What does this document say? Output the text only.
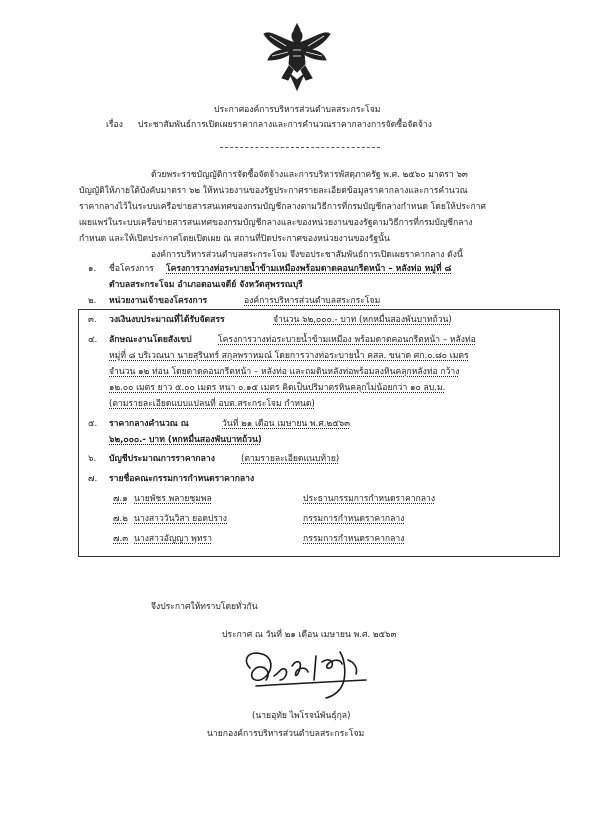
ประกาศองค์การบริหารส่วนตำบลสระกระโจม
เรื่อง ประชาสัมพันธ์การเปิดเผยราคากลางและการคำนวณราคากลางการจัดซื้อจัดจ้าง
ด้วยพระราชบัญญัติการจัดซื้อจัดจ้างและการบริหารพัสดุภาครัฐ พ.ศ. ๒๕๖๐ มาตรา ๖๓
บัญญัติให้ภายใต้บังคับมาตรา ๖๒ ให้หน่วยงานของรัฐประกาศรายละเอียดข้อมูลราคากลางและการคำนวณ
ราคากลางไว้ในระบบเครือข่ายสารสนเทศของกรมบัญชีกลางตามวิธีการที่กรมบัญชีกลางกำหนด โดยให้ประกาศ
เผยแพร่ในระบบเครือข่ายสารสนเทศของกรมบัญชีกลางและของหน่วยงานของรัฐตามวิธีการที่กรมบัญชีกลาง
กำหนด และให้เปิดประกาศโดยเปิดเผย ณ สถานที่ปิดประกาศของหน่วยงานของรัฐนั้น
องค์การบริหารส่วนตำบลสระกระโจม จึงขอประชาสัมพันธ์การเปิดเผยราคากลาง ดังนี้
๑. ชื่อโครงการ โครงการวางท่อระบายน้ำข้ามเหมืองพร้อมดาดคอนกรีตหน้า – หลังท่อ หมู่ที่ ๘
ตำบลสระกระโจม อำเภอดอนเจดีย์ จังหวัดสุพรรณบุรี
๒. หน่วยงานเจ้าของโครงการ	องค์การบริหารส่วนตำบลสระกระโจม
๓. วงเงินงบประมาณที่ได้รับจัดสรร	จำนวน ๖๒,๐๐๐.- บาท (หกหมื่นสองพันบาทถ้วน)
๔. ลักษณะงานโดยสังเขป	โครงการวางท่อระบายน้ำข้ามเหมือง พร้อมดาดคอนกรีตหน้า – หลังท่อ
หมู่ที่ ๘ บริเวณนา นายสุรินทร์ สกุลพราหมณ์ โดยการวางท่อระบายน้ำ คสล. ขนาด ศก.๐.๘๐ เมตร
จำนวน ๑๒ ท่อน โดยดาดคอนกรีตหน้า – หลังท่อ และถมดินหลังท่อพร้อมลงหินคลุกหลังท่อ กว้าง
๑๒.๐๐ เมตร ยาว ๕.๐๐ เมตร หนา ๐.๑๕ เมตร คิดเป็นปริมาตรหินคลุกไม่น้อยกว่า ๑๐ ลบ.ม.
(ตามรายละเอียดแบบแปลนที่ อบต.สระกระโจม กำหนด)
๕. ราคากลางคำนวณ ณ	วันที่ ๒๑ เดือน เมษายน พ.ศ.๒๕๖๓
๖๒,๐๐๐.- บาท (หกหมื่นสองพันบาทถ้วน)
๖. บัญชีประมาณการราคากลาง	(ตามรายละเอียดแนบท้าย)
๗. รายชื่อคณะกรรมการกำหนดราคากลาง
๗.๑ นายพัชร พลายชุมพล	ประธานกรรมการกำหนดราคากลาง
๗.๒ นางสาววันวิสา ยอดปราง	กรรมการกำหนดราคากลาง
๗.๓ นางสาวอัญญา พุทรา	กรรมการกำหนดราคากลาง
จึงประกาศให้ทราบโดยทั่วกัน
ประกาศ ณ วันที่ ๒๑ เดือน เมษายน พ.ศ. ๒๕๖๓
(นายอุทัย ไพโรจน์พันธุ์กุล)
นายกองค์การบริหารส่วนตำบลสระกระโจม
